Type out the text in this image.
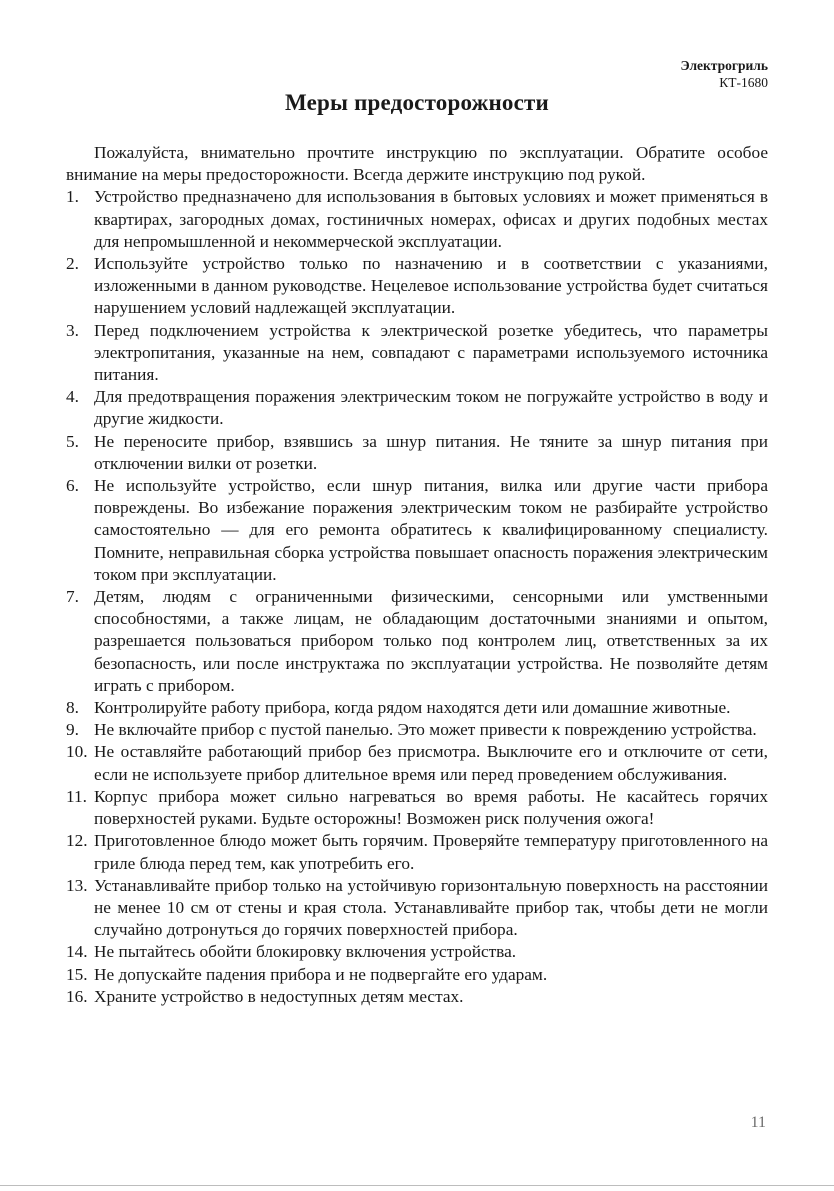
Электрогриль
КТ-1680
Меры предосторожности

Пожалуйста, внимательно прочтите инструкцию по эксплуатации. Обратите особое внимание на меры предосторожности. Всегда держите инструкцию под рукой.

1. Устройство предназначено для использования в бытовых условиях и может применяться в квартирах, загородных домах, гостиничных номерах, офисах и других подобных местах для непромышленной и некоммерческой эксплуатации.
2. Используйте устройство только по назначению и в соответствии с указаниями, изложенными в данном руководстве. Нецелевое использование устройства будет считаться нарушением условий надлежащей эксплуатации.
3. Перед подключением устройства к электрической розетке убедитесь, что параметры электропитания, указанные на нем, совпадают с параметрами используемого источника питания.
4. Для предотвращения поражения электрическим током не погружайте устройство в воду и другие жидкости.
5. Не переносите прибор, взявшись за шнур питания. Не тяните за шнур питания при отключении вилки от розетки.
6. Не используйте устройство, если шнур питания, вилка или другие части прибора повреждены. Во избежание поражения электрическим током не разбирайте устройство самостоятельно — для его ремонта обратитесь к квалифицированному специалисту. Помните, неправильная сборка устройства повышает опасность поражения электрическим током при эксплуатации.
7. Детям, людям с ограниченными физическими, сенсорными или умственными способностями, а также лицам, не обладающим достаточными знаниями и опытом, разрешается пользоваться прибором только под контролем лиц, ответственных за их безопасность, или после инструктажа по эксплуатации устройства. Не позволяйте детям играть с прибором.
8. Контролируйте работу прибора, когда рядом находятся дети или домашние животные.
9. Не включайте прибор с пустой панелью. Это может привести к повреждению устройства.
10. Не оставляйте работающий прибор без присмотра. Выключите его и отключите от сети, если не используете прибор длительное время или перед проведением обслуживания.
11. Корпус прибора может сильно нагреваться во время работы. Не касайтесь горячих поверхностей руками. Будьте осторожны! Возможен риск получения ожога!
12. Приготовленное блюдо может быть горячим. Проверяйте температуру приготовленного на гриле блюда перед тем, как употребить его.
13. Устанавливайте прибор только на устойчивую горизонтальную поверхность на расстоянии не менее 10 см от стены и края стола. Устанавливайте прибор так, чтобы дети не могли случайно дотронуться до горячих поверхностей прибора.
14. Не пытайтесь обойти блокировку включения устройства.
15. Не допускайте падения прибора и не подвергайте его ударам.
16. Храните устройство в недоступных детям местах.
11
